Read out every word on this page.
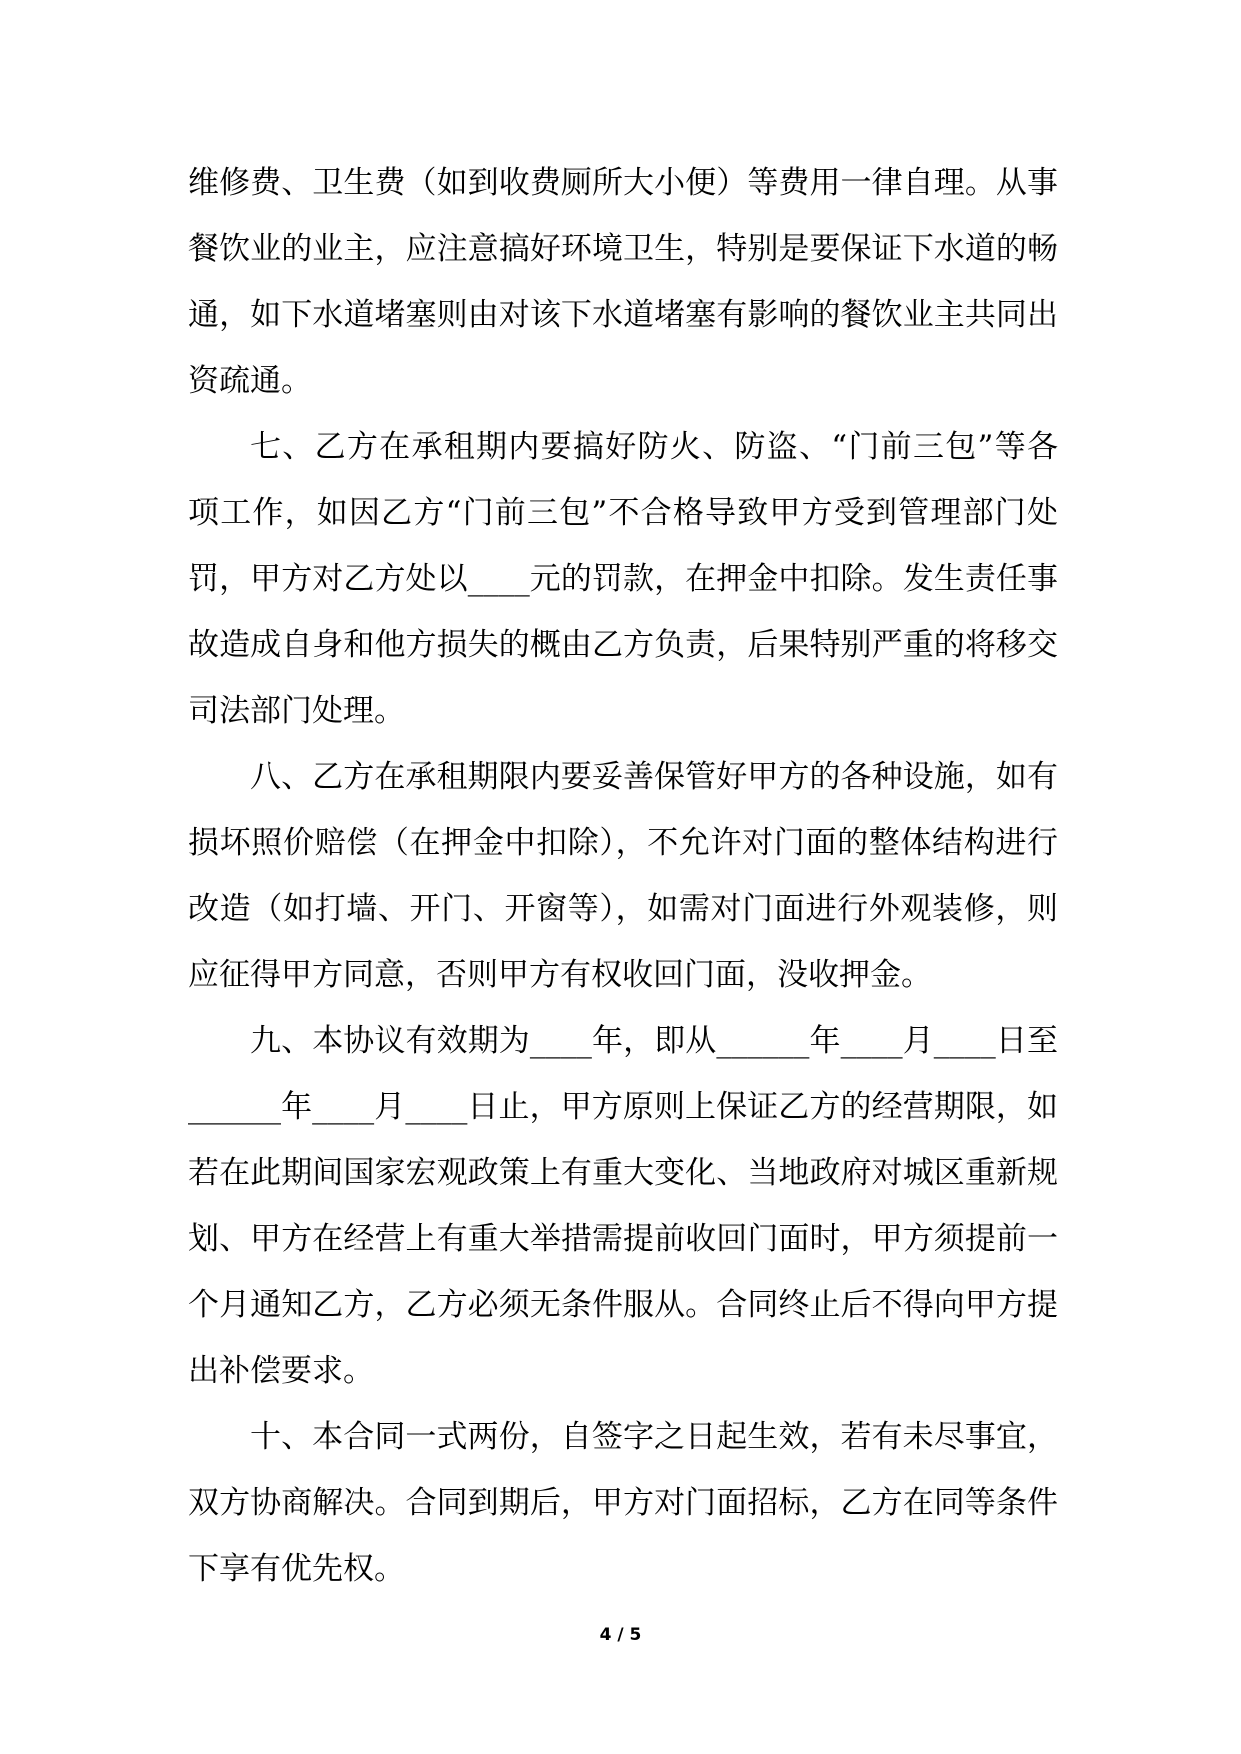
维修费、卫生费（如到收费厕所大小便）等费用一律自理。从事
餐饮业的业主，应注意搞好环境卫生，特别是要保证下水道的畅
通，如下水道堵塞则由对该下水道堵塞有影响的餐饮业主共同出
资疏通。
七、乙方在承租期内要搞好防火、防盗、“门前三包”等各
项工作，如因乙方“门前三包”不合格导致甲方受到管理部门处
罚，甲方对乙方处以____元的罚款，在押金中扣除。发生责任事
故造成自身和他方损失的概由乙方负责，后果特别严重的将移交
司法部门处理。
八、乙方在承租期限内要妥善保管好甲方的各种设施，如有
损坏照价赔偿（在押金中扣除），不允许对门面的整体结构进行
改造（如打墙、开门、开窗等），如需对门面进行外观装修，则
应征得甲方同意，否则甲方有权收回门面，没收押金。
九、本协议有效期为____年，即从______年____月____日至
______年____月____日止，甲方原则上保证乙方的经营期限，如
若在此期间国家宏观政策上有重大变化、当地政府对城区重新规
划、甲方在经营上有重大举措需提前收回门面时，甲方须提前一
个月通知乙方，乙方必须无条件服从。合同终止后不得向甲方提
出补偿要求。
十、本合同一式两份，自签字之日起生效，若有未尽事宜，
双方协商解决。合同到期后，甲方对门面招标，乙方在同等条件
下享有优先权。
4 / 5
